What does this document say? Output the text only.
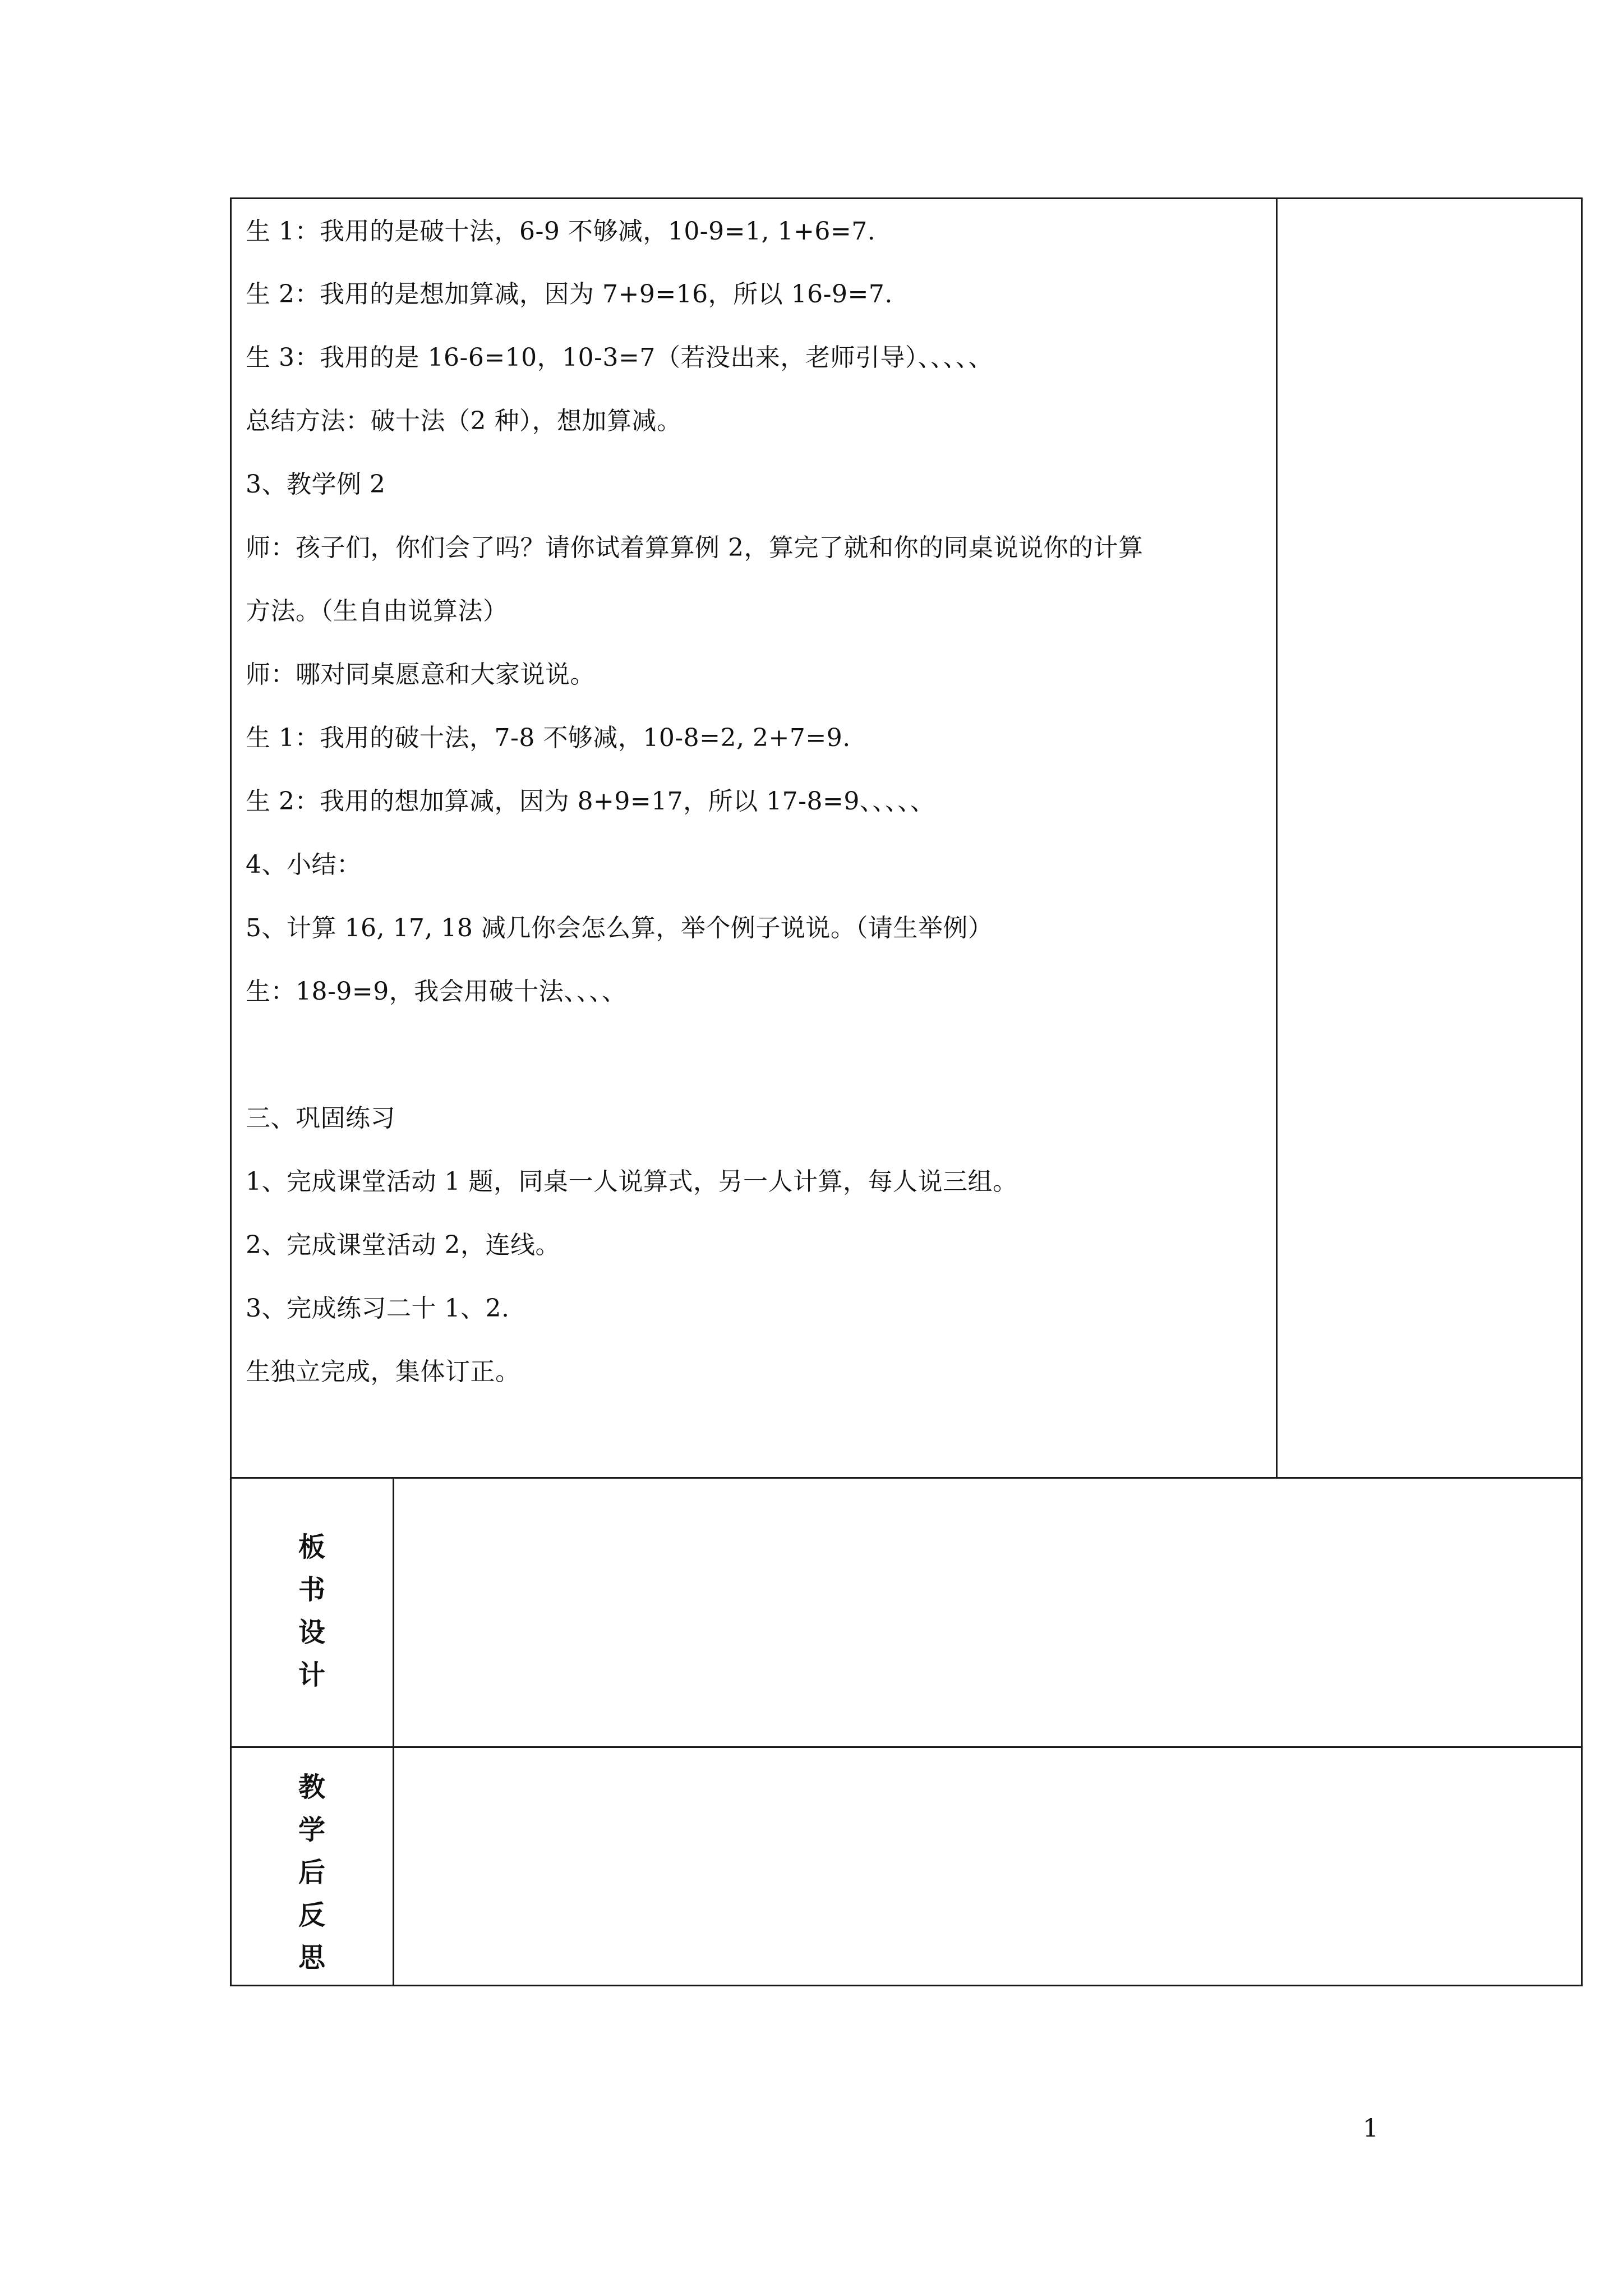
生 1：我用的是破十法，6-9 不够减，10-9=1, 1+6=7.
生 2：我用的是想加算减，因为 7+9=16，所以 16-9=7.
生 3：我用的是 16-6=10，10-3=7（若没出来，老师引导）、、、、、
总结方法：破十法（2 种），想加算减。
3、教学例 2
师：孩子们，你们会了吗？请你试着算算例 2，算完了就和你的同桌说说你的计算
方法。（生自由说算法）
师：哪对同桌愿意和大家说说。
生 1：我用的破十法，7-8 不够减，10-8=2, 2+7=9.
生 2：我用的想加算减，因为 8+9=17，所以 17-8=9、、、、、
4、小结：
5、计算 16, 17, 18 减几你会怎么算，举个例子说说。（请生举例）
生：18-9=9，我会用破十法、、、、
三、巩固练习
1、完成课堂活动 1 题，同桌一人说算式，另一人计算，每人说三组。
2、完成课堂活动 2，连线。
3、完成练习二十 1、2.
生独立完成，集体订正。
板
书
设
计
教
学
后
反
思
1
